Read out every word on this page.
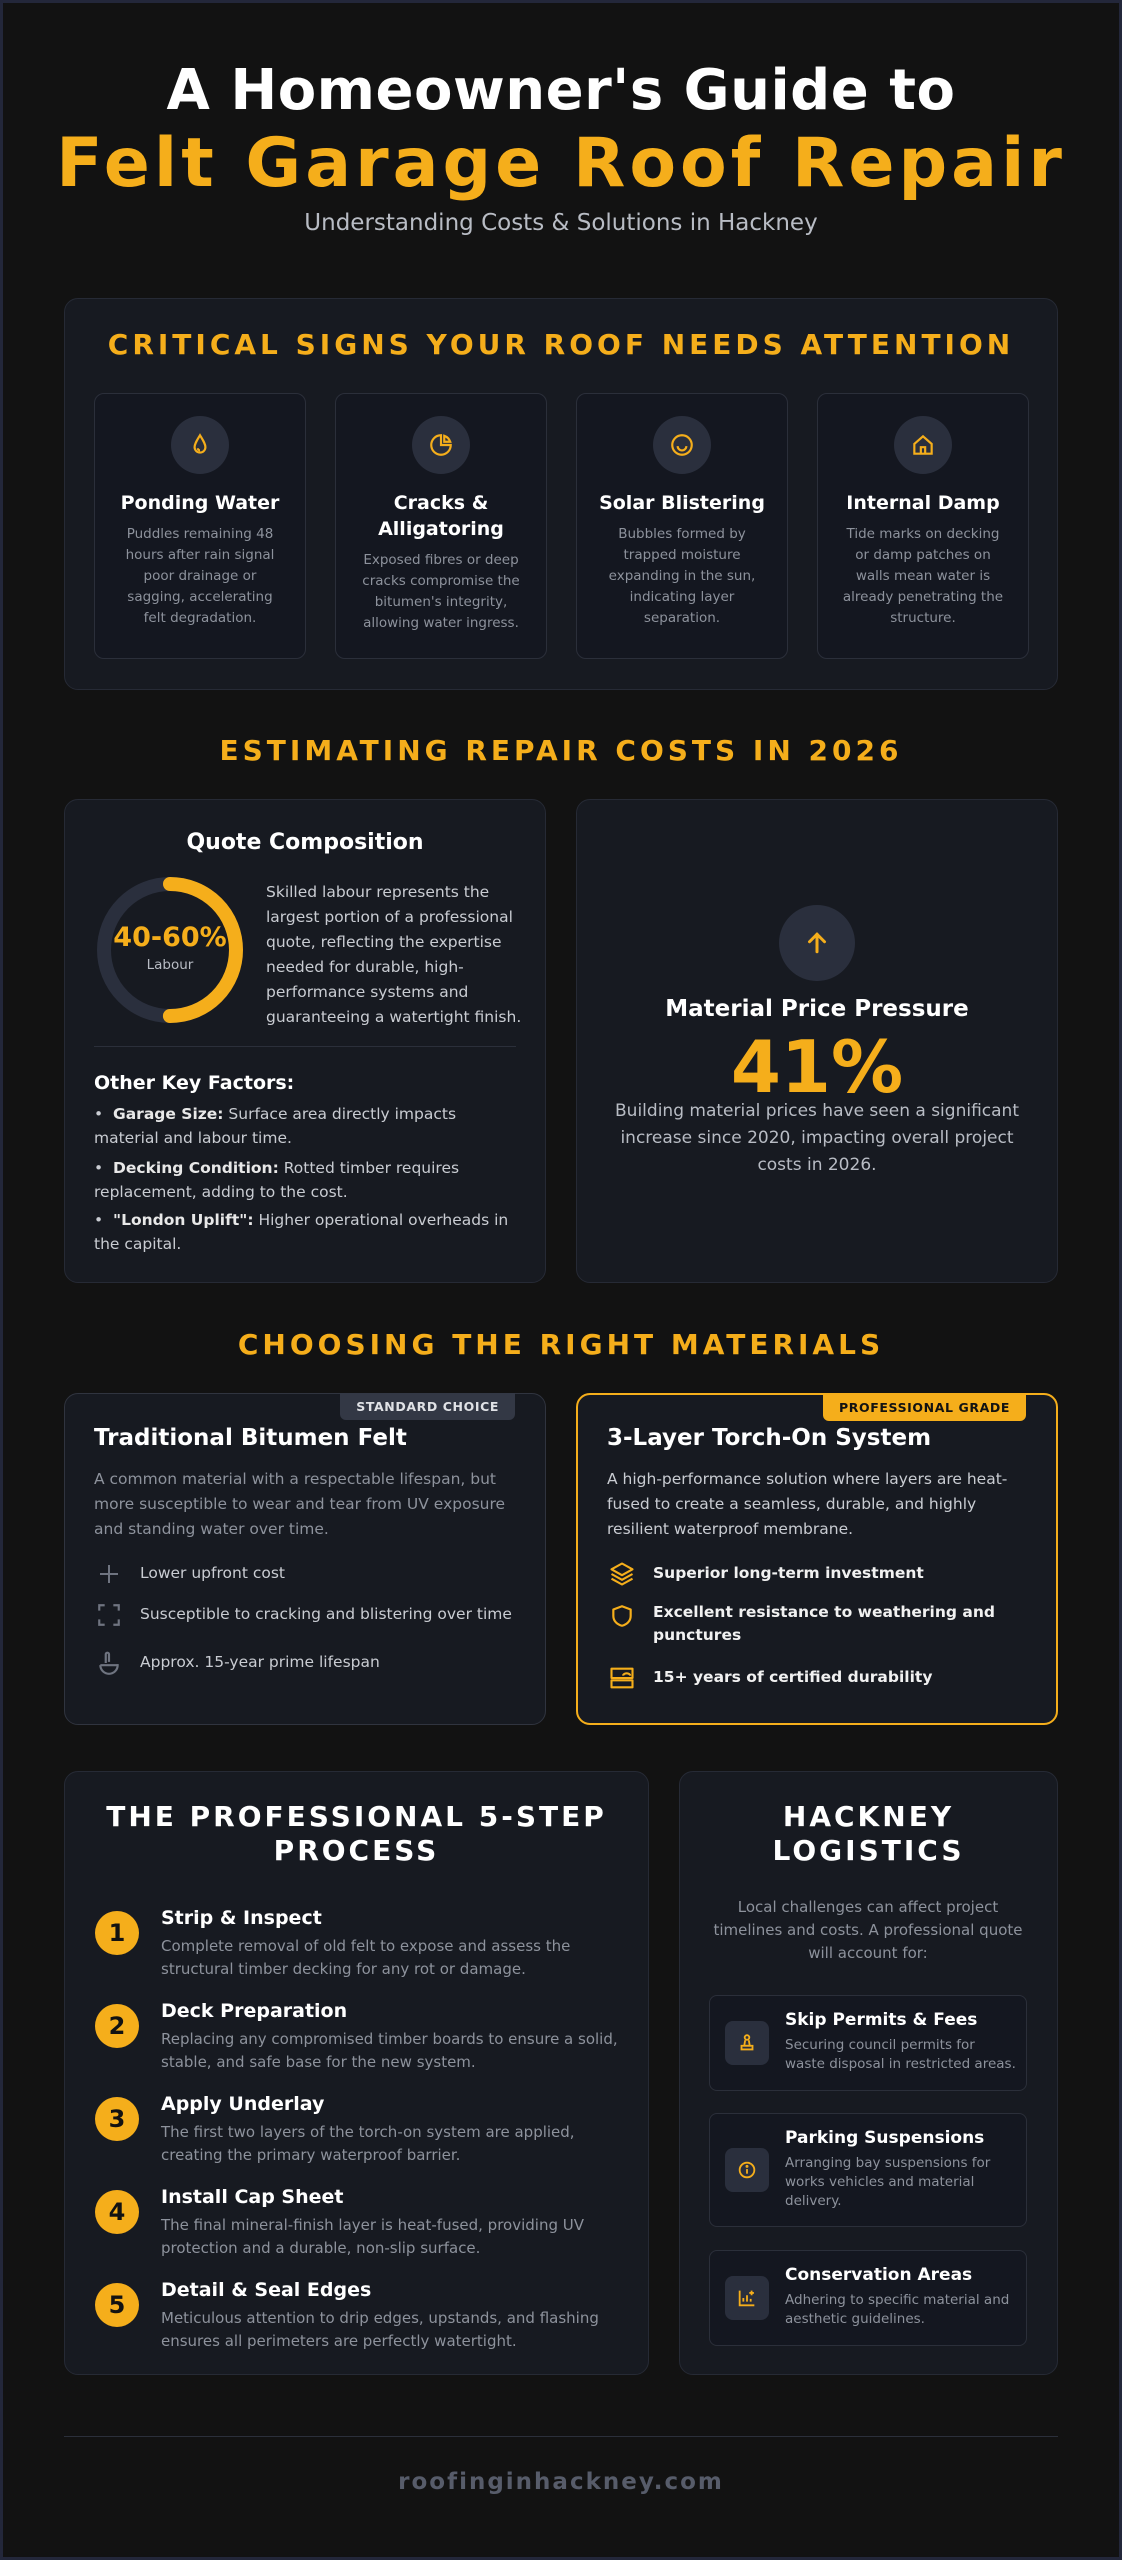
A Homeowner's Guide to
Felt Garage Roof Repair
Understanding Costs & Solutions in Hackney
CRITICAL SIGNS YOUR ROOF NEEDS ATTENTION
Ponding Water
Puddles remaining 48 hours after rain signal poor drainage or sagging, accelerating felt degradation.
Cracks & Alligatoring
Exposed fibres or deep cracks compromise the bitumen's integrity, allowing water ingress.
Solar Blistering
Bubbles formed by trapped moisture expanding in the sun, indicating layer separation.
Internal Damp
Tide marks on decking or damp patches on walls mean water is already penetrating the structure.
ESTIMATING REPAIR COSTS IN 2026
Quote Composition
40-60%
Labour
Skilled labour represents the largest portion of a professional quote, reflecting the expertise needed for durable, high-performance systems and guaranteeing a watertight finish.
Other Key Factors:
•  Garage Size: Surface area directly impacts material and labour time.
•  Decking Condition: Rotted timber requires replacement, adding to the cost.
•  "London Uplift": Higher operational overheads in the capital.
Material Price Pressure
41%
Building material prices have seen a significant increase since 2020, impacting overall project costs in 2026.
CHOOSING THE RIGHT MATERIALS
STANDARD CHOICE
Traditional Bitumen Felt
A common material with a respectable lifespan, but more susceptible to wear and tear from UV exposure and standing water over time.
Lower upfront cost
Susceptible to cracking and blistering over time
Approx. 15-year prime lifespan
PROFESSIONAL GRADE
3-Layer Torch-On System
A high-performance solution where layers are heat-fused to create a seamless, durable, and highly resilient waterproof membrane.
Superior long-term investment
Excellent resistance to weathering and punctures
15+ years of certified durability
THE PROFESSIONAL 5-STEP PROCESS
1
Strip & Inspect
Complete removal of old felt to expose and assess the structural timber decking for any rot or damage.
2
Deck Preparation
Replacing any compromised timber boards to ensure a solid, stable, and safe base for the new system.
3
Apply Underlay
The first two layers of the torch-on system are applied, creating the primary waterproof barrier.
4
Install Cap Sheet
The final mineral-finish layer is heat-fused, providing UV protection and a durable, non-slip surface.
5
Detail & Seal Edges
Meticulous attention to drip edges, upstands, and flashing ensures all perimeters are perfectly watertight.
HACKNEY LOGISTICS
Local challenges can affect project timelines and costs. A professional quote will account for:
Skip Permits & Fees
Securing council permits for waste disposal in restricted areas.
Parking Suspensions
Arranging bay suspensions for works vehicles and material delivery.
Conservation Areas
Adhering to specific material and aesthetic guidelines.
roofinginhackney.com
